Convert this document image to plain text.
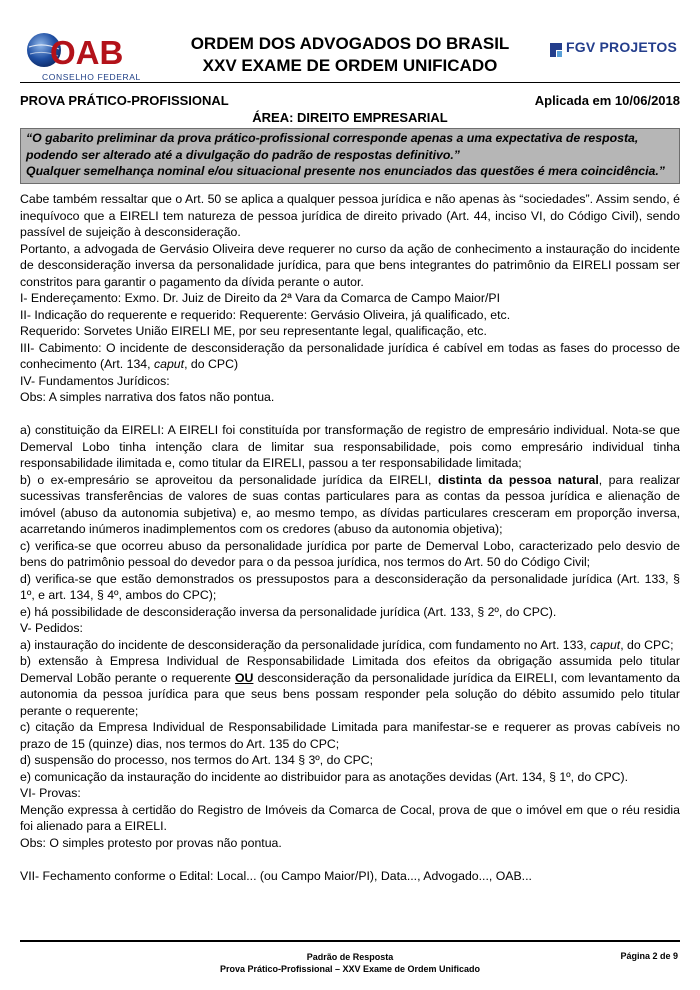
OAB
CONSELHO FEDERAL
ORDEM DOS ADVOGADOS DO BRASIL
XXV EXAME DE ORDEM UNIFICADO
FGV PROJETOS
PROVA PRÁTICO-PROFISSIONAL	Aplicada em 10/06/2018
ÁREA: DIREITO EMPRESARIAL
“O gabarito preliminar da prova prático-profissional corresponde apenas a uma expectativa de resposta,
podendo ser alterado até a divulgação do padrão de respostas definitivo.”
Qualquer semelhança nominal e/ou situacional presente nos enunciados das questões é mera coincidência.”

Cabe também ressaltar que o Art. 50 se aplica a qualquer pessoa jurídica e não apenas às “sociedades”. Assim sendo, é inequívoco que a EIRELI tem natureza de pessoa jurídica de direito privado (Art. 44, inciso VI, do Código Civil), sendo passível de sujeição à desconsideração.

Portanto, a advogada de Gervásio Oliveira deve requerer no curso da ação de conhecimento a instauração do incidente de desconsideração inversa da personalidade jurídica, para que bens integrantes do patrimônio da EIRELI possam ser constritos para garantir o pagamento da dívida perante o autor.

I- Endereçamento: Exmo. Dr. Juiz de Direito da 2ª Vara da Comarca de Campo Maior/PI

II- Indicação do requerente e requerido: Requerente: Gervásio Oliveira, já qualificado, etc.

Requerido: Sorvetes União EIRELI ME, por seu representante legal, qualificação, etc.

III- Cabimento: O incidente de desconsideração da personalidade jurídica é cabível em todas as fases do processo de conhecimento (Art. 134, caput, do CPC)

IV- Fundamentos Jurídicos:

Obs: A simples narrativa dos fatos não pontua.

a) constituição da EIRELI: A EIRELI foi constituída por transformação de registro de empresário individual. Nota-se que Demerval Lobo tinha intenção clara de limitar sua responsabilidade, pois como empresário individual tinha responsabilidade ilimitada e, como titular da EIRELI, passou a ter responsabilidade limitada;

b) o ex-empresário se aproveitou da personalidade jurídica da EIRELI, distinta da pessoa natural, para realizar sucessivas transferências de valores de suas contas particulares para as contas da pessoa jurídica e alienação de imóvel (abuso da autonomia subjetiva) e, ao mesmo tempo, as dívidas particulares cresceram em proporção inversa, acarretando inúmeros inadimplementos com os credores (abuso da autonomia objetiva);

c) verifica-se que ocorreu abuso da personalidade jurídica por parte de Demerval Lobo, caracterizado pelo desvio de bens do patrimônio pessoal do devedor para o da pessoa jurídica, nos termos do Art. 50 do Código Civil;

d) verifica-se que estão demonstrados os pressupostos para a desconsideração da personalidade jurídica (Art. 133, § 1º, e art. 134, § 4º, ambos do CPC);

e) há possibilidade de desconsideração inversa da personalidade jurídica (Art. 133, § 2º, do CPC).

V- Pedidos:

a) instauração do incidente de desconsideração da personalidade jurídica, com fundamento no Art. 133, caput, do CPC;

b) extensão à Empresa Individual de Responsabilidade Limitada dos efeitos da obrigação assumida pelo titular Demerval Lobão perante o requerente OU desconsideração da personalidade jurídica da EIRELI, com levantamento da autonomia da pessoa jurídica para que seus bens possam responder pela solução do débito assumido pelo titular perante o requerente;

c) citação da Empresa Individual de Responsabilidade Limitada para manifestar-se e requerer as provas cabíveis no prazo de 15 (quinze) dias, nos termos do Art. 135 do CPC;

d) suspensão do processo, nos termos do Art. 134 § 3º, do CPC;

e) comunicação da instauração do incidente ao distribuidor para as anotações devidas (Art. 134, § 1º, do CPC).

VI- Provas:

Menção expressa à certidão do Registro de Imóveis da Comarca de Cocal, prova de que o imóvel em que o réu residia foi alienado para a EIRELI.

Obs: O simples protesto por provas não pontua.

VII- Fechamento conforme o Edital: Local... (ou Campo Maior/PI), Data..., Advogado..., OAB...

Padrão de Resposta
Prova Prático-Profissional – XXV Exame de Ordem Unificado
Página 2 de 9
